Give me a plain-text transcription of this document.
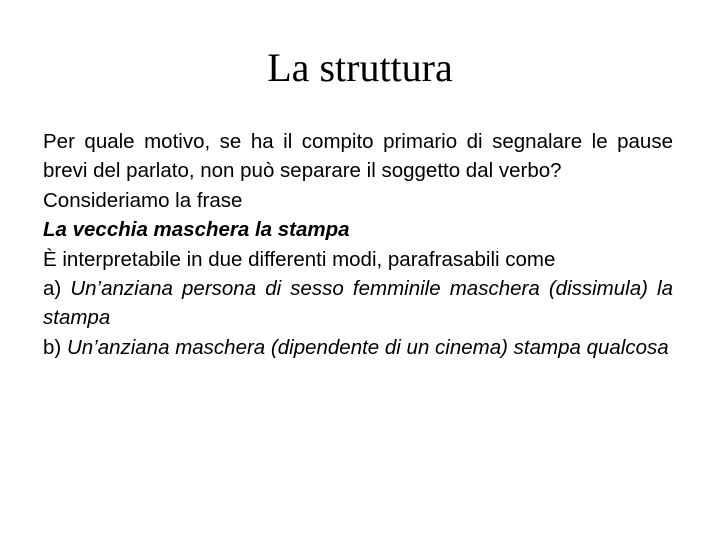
La struttura

Per quale motivo, se ha il compito primario di segnalare le pause brevi del parlato, non può separare il soggetto dal verbo?

Consideriamo la frase

La vecchia maschera la stampa

È interpretabile in due differenti modi, parafrasabili come

a) Un’anziana persona di sesso femminile maschera (dissimula) la stampa

b) Un’anziana maschera (dipendente di un cinema) stampa qualcosa
